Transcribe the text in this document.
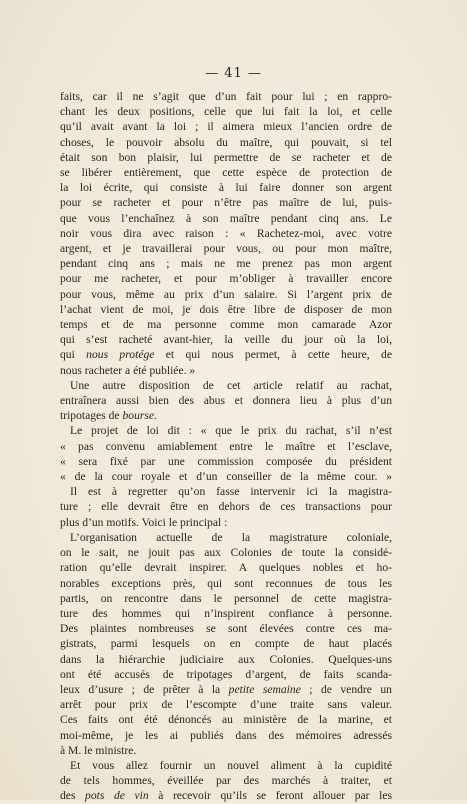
— 41 —
faits, car il ne s’agit que d’un fait pour lui ; en rappro-
chant les deux positions, celle que lui fait la loi, et celle
qu’il avait avant la loi ; il aimera mieux l’ancien ordre de
choses, le pouvoir absolu du maître, qui pouvait, si tel
était son bon plaisir, lui permettre de se racheter et de
se libérer entièrement, que cette espèce de protection de
la loi écrite, qui consiste à lui faire donner son argent
pour se racheter et pour n’être pas maître de lui, puis-
que vous l’enchaînez à son maître pendant cinq ans. Le
noir vous dira avec raison : « Rachetez-moi, avec votre
argent, et je travaillerai pour vous, ou pour mon maître,
pendant cinq ans ; mais ne me prenez pas mon argent
pour me racheter, et pour m’obliger à travailler encore
pour vous, même au prix d’un salaire. Si l’argent prix de
l’achat vient de moi, je dois être libre de disposer de mon
temps et de ma personne comme mon camarade Azor
qui s’est racheté avant-hier, la veille du jour où la loi,
qui nous protége et qui nous permet, à cette heure, de
nous racheter a été publiée. »
Une autre disposition de cet article relatif au rachat,
entraînera aussi bien des abus et donnera lieu à plus d’un
tripotages de bourse.
Le projet de loi dit : « que le prix du rachat, s’il n’est
« pas convenu amiablement entre le maître et l’esclave,
« sera fixé par une commission composée du président
« de la cour royale et d’un conseiller de la même cour. »
Il est à regretter qu’on fasse intervenir ici la magistra-
ture ; elle devrait être en dehors de ces transactions pour
plus d’un motifs. Voici le principal :
L’organisation actuelle de la magistrature coloniale,
on le sait, ne jouit pas aux Colonies de toute la considé-
ration qu’elle devrait inspirer. A quelques nobles et ho-
norables exceptions près, qui sont reconnues de tous les
partis, on rencontre dans le personnel de cette magistra-
ture des hommes qui n’inspirent confiance à personne.
Des plaintes nombreuses se sont élevées contre ces ma-
gistrats, parmi lesquels on en compte de haut placés
dans la hiérarchie judiciaire aux Colonies. Quelques-uns
ont été accusés de tripotages d’argent, de faits scanda-
leux d’usure ; de prêter à la petite semaine ; de vendre un
arrêt pour prix de l’escompte d’une traite sans valeur.
Ces faits ont été dénoncés au ministère de la marine, et
moi-même, je les ai publiés dans des mémoires adressés
à M. le ministre.
Et vous allez fournir un nouvel aliment à la cupidité
de tels hommes, éveillée par des marchés à traiter, et
des pots de vin à recevoir qu’ils se feront allouer par les
